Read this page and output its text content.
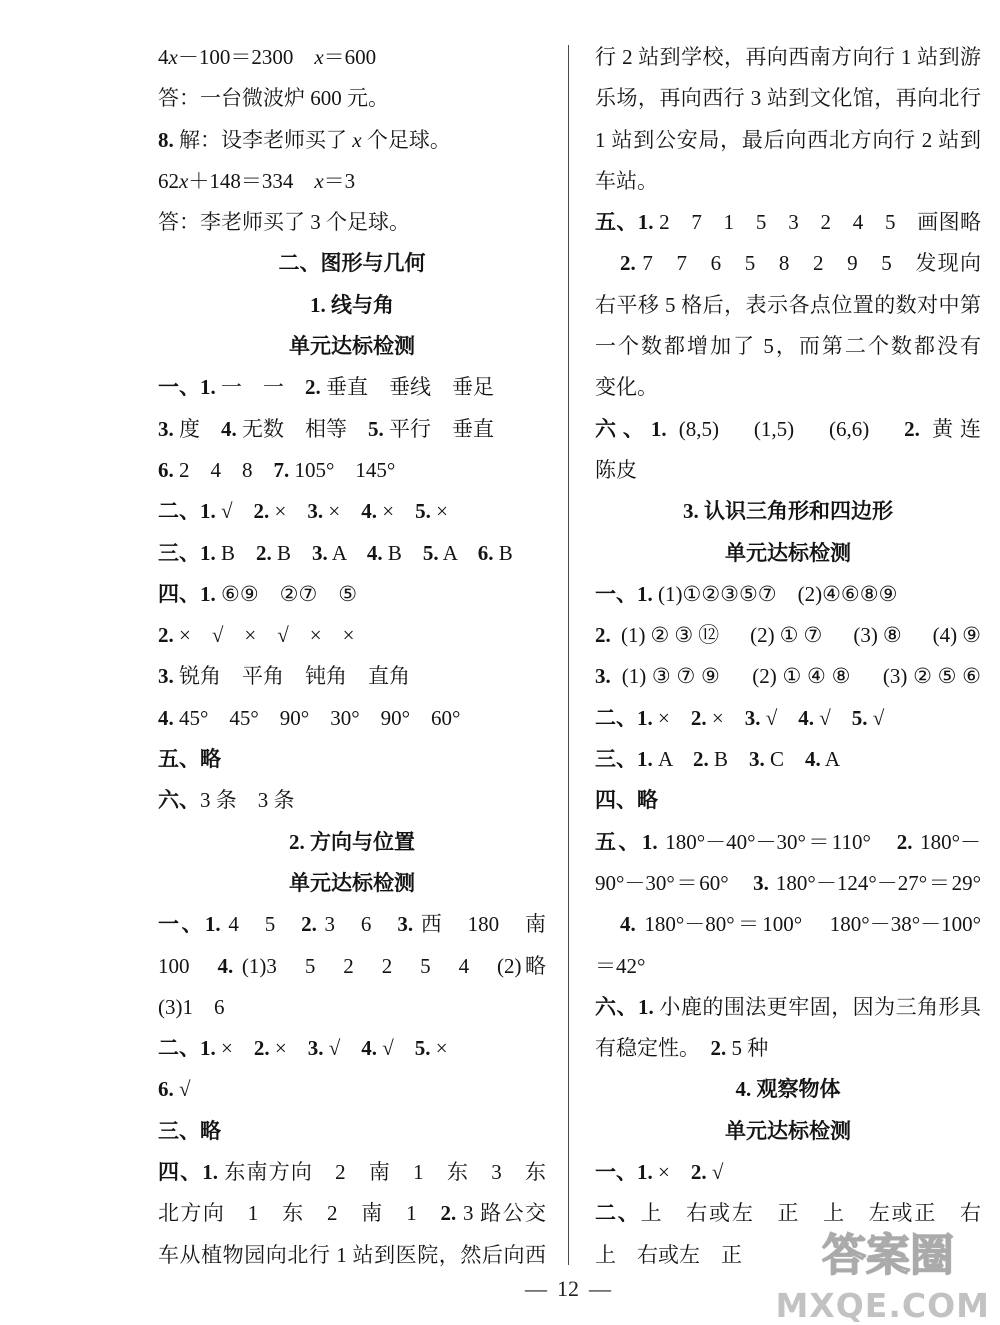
4x－100＝2300　x＝600
答：一台微波炉 600 元。
8. 解：设李老师买了 x 个足球。
62x＋148＝334　x＝3
答：李老师买了 3 个足球。
二、图形与几何
1. 线与角
单元达标检测
一、1. 一　一　2. 垂直　垂线　垂足
3. 度　4. 无数　相等　5. 平行　垂直
6. 2　4　8　7. 105°　145°
二、1. √　2. ×　3. ×　4. ×　5. ×
三、1. B　2. B　3. A　4. B　5. A　6. B
四、1. ⑥⑨　②⑦　⑤
2. ×　√　×　√　×　×
3. 锐角　平角　钝角　直角
4. 45°　45°　90°　30°　90°　60°
五、略
六、3 条　3 条
2. 方向与位置
单元达标检测
一、1. 4　5　2. 3　6　3. 西　180　南
100　4. (1)3　5　2　2　5　4　(2)略
(3)1　6
二、1. ×　2. ×　3. √　4. √　5. ×
6. √
三、略
四、1. 东南方向　2　南　1　东　3　东
北方向　1　东　2　南　1　2. 3 路公交
车从植物园向北行 1 站到医院，然后向西
行 2 站到学校，再向西南方向行 1 站到游
乐场，再向西行 3 站到文化馆，再向北行
1 站到公安局，最后向西北方向行 2 站到
车站。
五、1. 2　7　1　5　3　2　4　5　画图略
2. 7　7　6　5　8　2　9　5　发现向
右平移 5 格后，表示各点位置的数对中第
一个数都增加了 5，而第二个数都没有
变化。
六、1. (8,5)　(1,5)　(6,6)　2. 黄连
陈皮
3. 认识三角形和四边形
单元达标检测
一、1. (1)①②③⑤⑦　(2)④⑥⑧⑨
2. (1)②③⑫　(2)①⑦　(3)⑧　(4)⑨
3. (1)③⑦⑨　(2)①④⑧　(3)②⑤⑥
二、1. ×　2. ×　3. √　4. √　5. √
三、1. A　2. B　3. C　4. A
四、略
五、1. 180°－40°－30°＝110°　2. 180°－
90°－30°＝60°　3. 180°－124°－27°＝29°
4. 180°－80°＝100°　180°－38°－100°
＝42°
六、1. 小鹿的围法更牢固，因为三角形具
有稳定性。　2. 5 种
4. 观察物体
单元达标检测
一、1. ×　2. √
二、上　右或左　正　上　左或正　右
上　右或左　正
— 12 —
答案圈
MXQE.COM
